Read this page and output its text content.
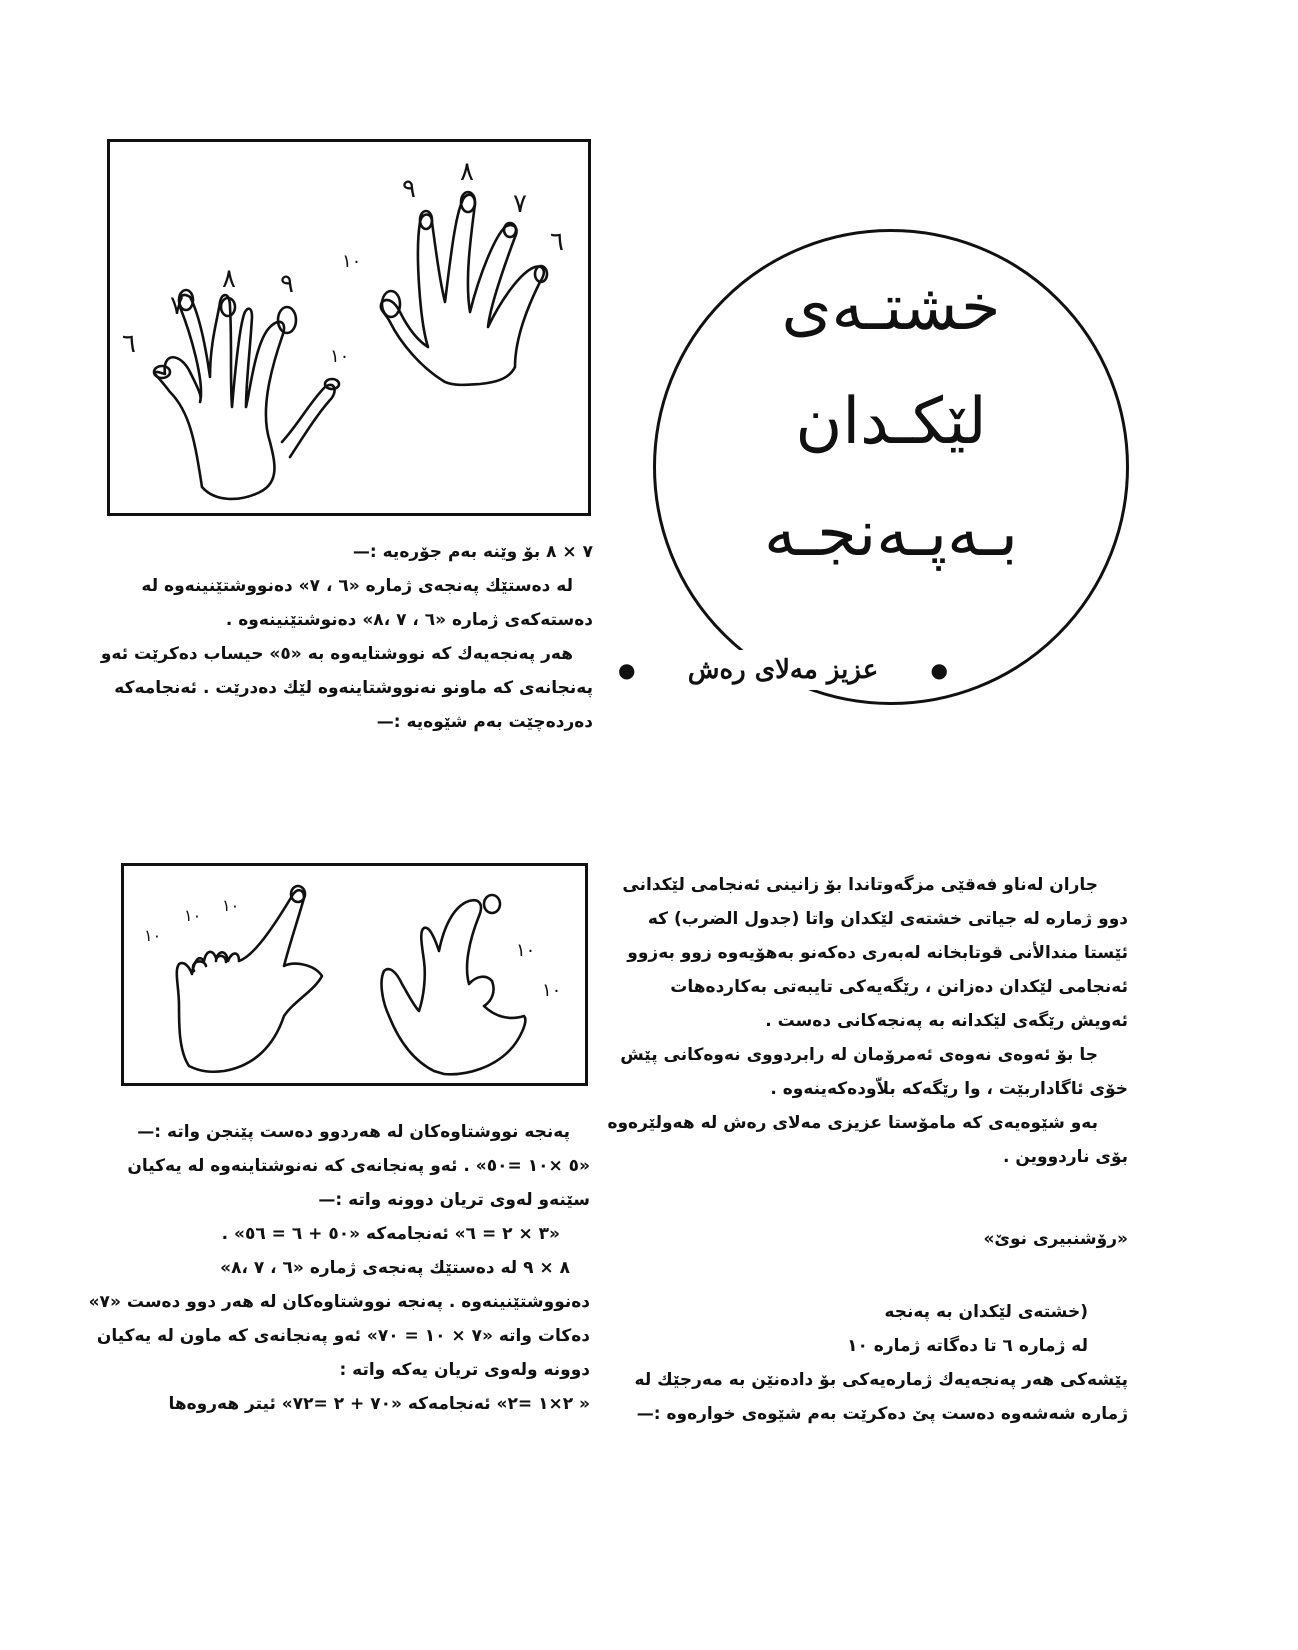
٩
٨
٧
٦
١٠
٦
٧
٨ ٩
١٠
خشتـەی
لێکـدان
بـەپـەنجـە
●
عزیز مەلای رەش
●
٧ × ٨ بۆ وێنە بەم جۆرەیە :—
لە دەستێك پەنجەی ژمارە «٦ ، ٧» دەنووشتێنینەوە لە
دەستەکەی ژمارە «٦ ، ٧ ،٨» دەنوشتێنینەوە .
هەر پەنجەیەك کە نووشتایەوە بە «٥» حیساب دەکرێت ئەو
پەنجانەی کە ماونو نەنووشتاینەوە لێك دەدرێت . ئەنجامەکە
دەردەچێت بەم شێوەیە :—
١٠
١٠
١٠
١٠
١٠
پەنجە نووشتاوەکان لە هەردوو دەست پێنجن واتە :—
«٥ ×١٠ =٥٠» . ئەو پەنجانەی کە نەنوشتاینەوە لە یەکیان
سێنەو لەوی تریان دوونە واتە :—
«٣ × ٢ = ٦» ئەنجامەکە «٥٠ + ٦ = ٥٦» .
٨ × ٩ لە دەستێك پەنجەی ژمارە «٦ ، ٧ ،٨»
دەنووشتێنینەوە . پەنجە نووشتاوەکان لە هەر دوو دەست «٧»
دەکات واتە «٧ × ١٠ = ٧٠» ئەو پەنجانەی کە ماون لە یەکیان
دوونە ولەوی تریان یەکە واتە :
« ٢×١ =٢» ئەنجامەکە «٧٠ + ٢ =٧٢» ئیتر هەروەها
جاران لەناو فەقێی مزگەوتاندا بۆ زانینی ئەنجامی لێکدانی
دوو ژمارە لە جیاتی خشتەی لێکدان واتا (جدول الضرب) کە
ئێستا مندالأنی قوتابخانە لەبەری دەکەنو بەهۆیەوە زوو بەزوو
ئەنجامی لێکدان دەزانن ، رێگەیەکی تایبەتی بەکاردەهات
ئەویش رێگەی لێکدانە بە پەنجەکانی دەست .
جا بۆ ئەوەی نەوەی ئەمرۆمان لە رابردووی نەوەکانی پێش
خۆی ئاگاداربێت ، وا رێگەکە بلاّودەکەینەوە .
بەو شێوەیەی کە مامۆستا عزیزی مەلای رەش لە هەولێرەوە
بۆی ناردووین .
«رۆشنبیری نوێ»
(خشتەی لێکدان بە پەنجە
لە ژمارە ٦ تا دەگاتە ژمارە ١٠
پێشەکی هەر پەنجەیەك ژمارەیەکی بۆ دادەنێن بە مەرجێك لە
ژمارە شەشەوە دەست پێ دەکرێت بەم شێوەی خوارەوە :—
